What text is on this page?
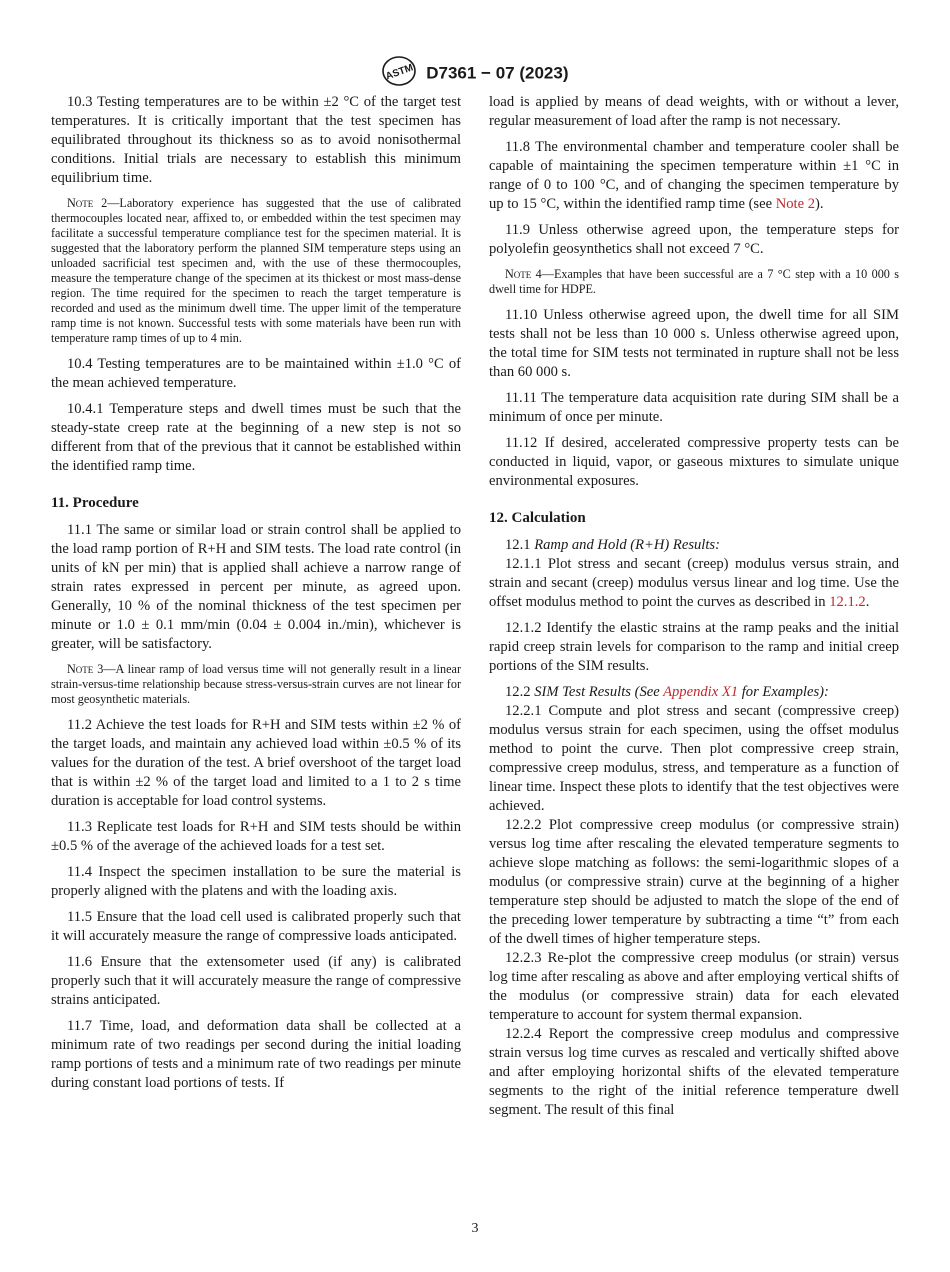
ASTM D7361 − 07 (2023)

10.3 Testing temperatures are to be within ±2 °C of the target test temperatures. It is critically important that the test specimen has equilibrated throughout its thickness so as to avoid nonisothermal conditions. Initial trials are necessary to establish this minimum equilibrium time.

Note 2—Laboratory experience has suggested that the use of calibrated thermocouples located near, affixed to, or embedded within the test specimen may facilitate a successful temperature compliance test for the specimen material. It is suggested that the laboratory perform the planned SIM temperature steps using an unloaded sacrificial test specimen and, with the use of these thermocouples, measure the temperature change of the specimen at its thickest or most mass-dense region. The time required for the specimen to reach the target temperature is recorded and used as the minimum dwell time. The upper limit of the temperature ramp time is not known. Successful tests with some materials have been run with temperature ramp times of up to 4 min.

10.4 Testing temperatures are to be maintained within ±1.0 °C of the mean achieved temperature.

10.4.1 Temperature steps and dwell times must be such that the steady-state creep rate at the beginning of a new step is not so different from that of the previous that it cannot be established within the identified ramp time.

11. Procedure

11.1 The same or similar load or strain control shall be applied to the load ramp portion of R+H and SIM tests. The load rate control (in units of kN per min) that is applied shall achieve a narrow range of strain rates expressed in percent per minute, as agreed upon. Generally, 10 % of the nominal thickness of the test specimen per minute or 1.0 ± 0.1 mm/min (0.04 ± 0.004 in./min), whichever is greater, will be satisfactory.

Note 3—A linear ramp of load versus time will not generally result in a linear strain-versus-time relationship because stress-versus-strain curves are not linear for most geosynthetic materials.

11.2 Achieve the test loads for R+H and SIM tests within ±2 % of the target loads, and maintain any achieved load within ±0.5 % of its values for the duration of the test. A brief overshoot of the target load that is within ±2 % of the target load and limited to a 1 to 2 s time duration is acceptable for load control systems.

11.3 Replicate test loads for R+H and SIM tests should be within ±0.5 % of the average of the achieved loads for a test set.

11.4 Inspect the specimen installation to be sure the material is properly aligned with the platens and with the loading axis.

11.5 Ensure that the load cell used is calibrated properly such that it will accurately measure the range of compressive loads anticipated.

11.6 Ensure that the extensometer used (if any) is calibrated properly such that it will accurately measure the range of compressive strains anticipated.

11.7 Time, load, and deformation data shall be collected at a minimum rate of two readings per second during the initial loading ramp portions of tests and a minimum rate of two readings per minute during constant load portions of tests. If

load is applied by means of dead weights, with or without a lever, regular measurement of load after the ramp is not necessary.

11.8 The environmental chamber and temperature cooler shall be capable of maintaining the specimen temperature within ±1 °C in range of 0 to 100 °C, and of changing the specimen temperature by up to 15 °C, within the identified ramp time (see Note 2).

11.9 Unless otherwise agreed upon, the temperature steps for polyolefin geosynthetics shall not exceed 7 °C.

Note 4—Examples that have been successful are a 7 °C step with a 10 000 s dwell time for HDPE.

11.10 Unless otherwise agreed upon, the dwell time for all SIM tests shall not be less than 10 000 s. Unless otherwise agreed upon, the total time for SIM tests not terminated in rupture shall not be less than 60 000 s.

11.11 The temperature data acquisition rate during SIM shall be a minimum of once per minute.

11.12 If desired, accelerated compressive property tests can be conducted in liquid, vapor, or gaseous mixtures to simulate unique environmental exposures.

12. Calculation

12.1 Ramp and Hold (R+H) Results:

12.1.1 Plot stress and secant (creep) modulus versus strain, and strain and secant (creep) modulus versus linear and log time. Use the offset modulus method to point the curves as described in 12.1.2.

12.1.2 Identify the elastic strains at the ramp peaks and the initial rapid creep strain levels for comparison to the ramp and initial creep portions of the SIM results.

12.2 SIM Test Results (See Appendix X1 for Examples):

12.2.1 Compute and plot stress and secant (compressive creep) modulus versus strain for each specimen, using the offset modulus method to point the curve. Then plot compressive creep strain, compressive creep modulus, stress, and temperature as a function of linear time. Inspect these plots to identify that the test objectives were achieved.

12.2.2 Plot compressive creep modulus (or compressive strain) versus log time after rescaling the elevated temperature segments to achieve slope matching as follows: the semi-logarithmic slopes of a modulus (or compressive strain) curve at the beginning of a higher temperature step should be adjusted to match the slope of the end of the preceding lower temperature by subtracting a time “t” from each of the dwell times of higher temperature steps.

12.2.3 Re-plot the compressive creep modulus (or strain) versus log time after rescaling as above and after employing vertical shifts of the modulus (or compressive strain) data for each elevated temperature to account for system thermal expansion.

12.2.4 Report the compressive creep modulus and compressive strain versus log time curves as rescaled and vertically shifted above and after employing horizontal shifts of the elevated temperature segments to the right of the initial reference temperature dwell segment. The result of this final

3
